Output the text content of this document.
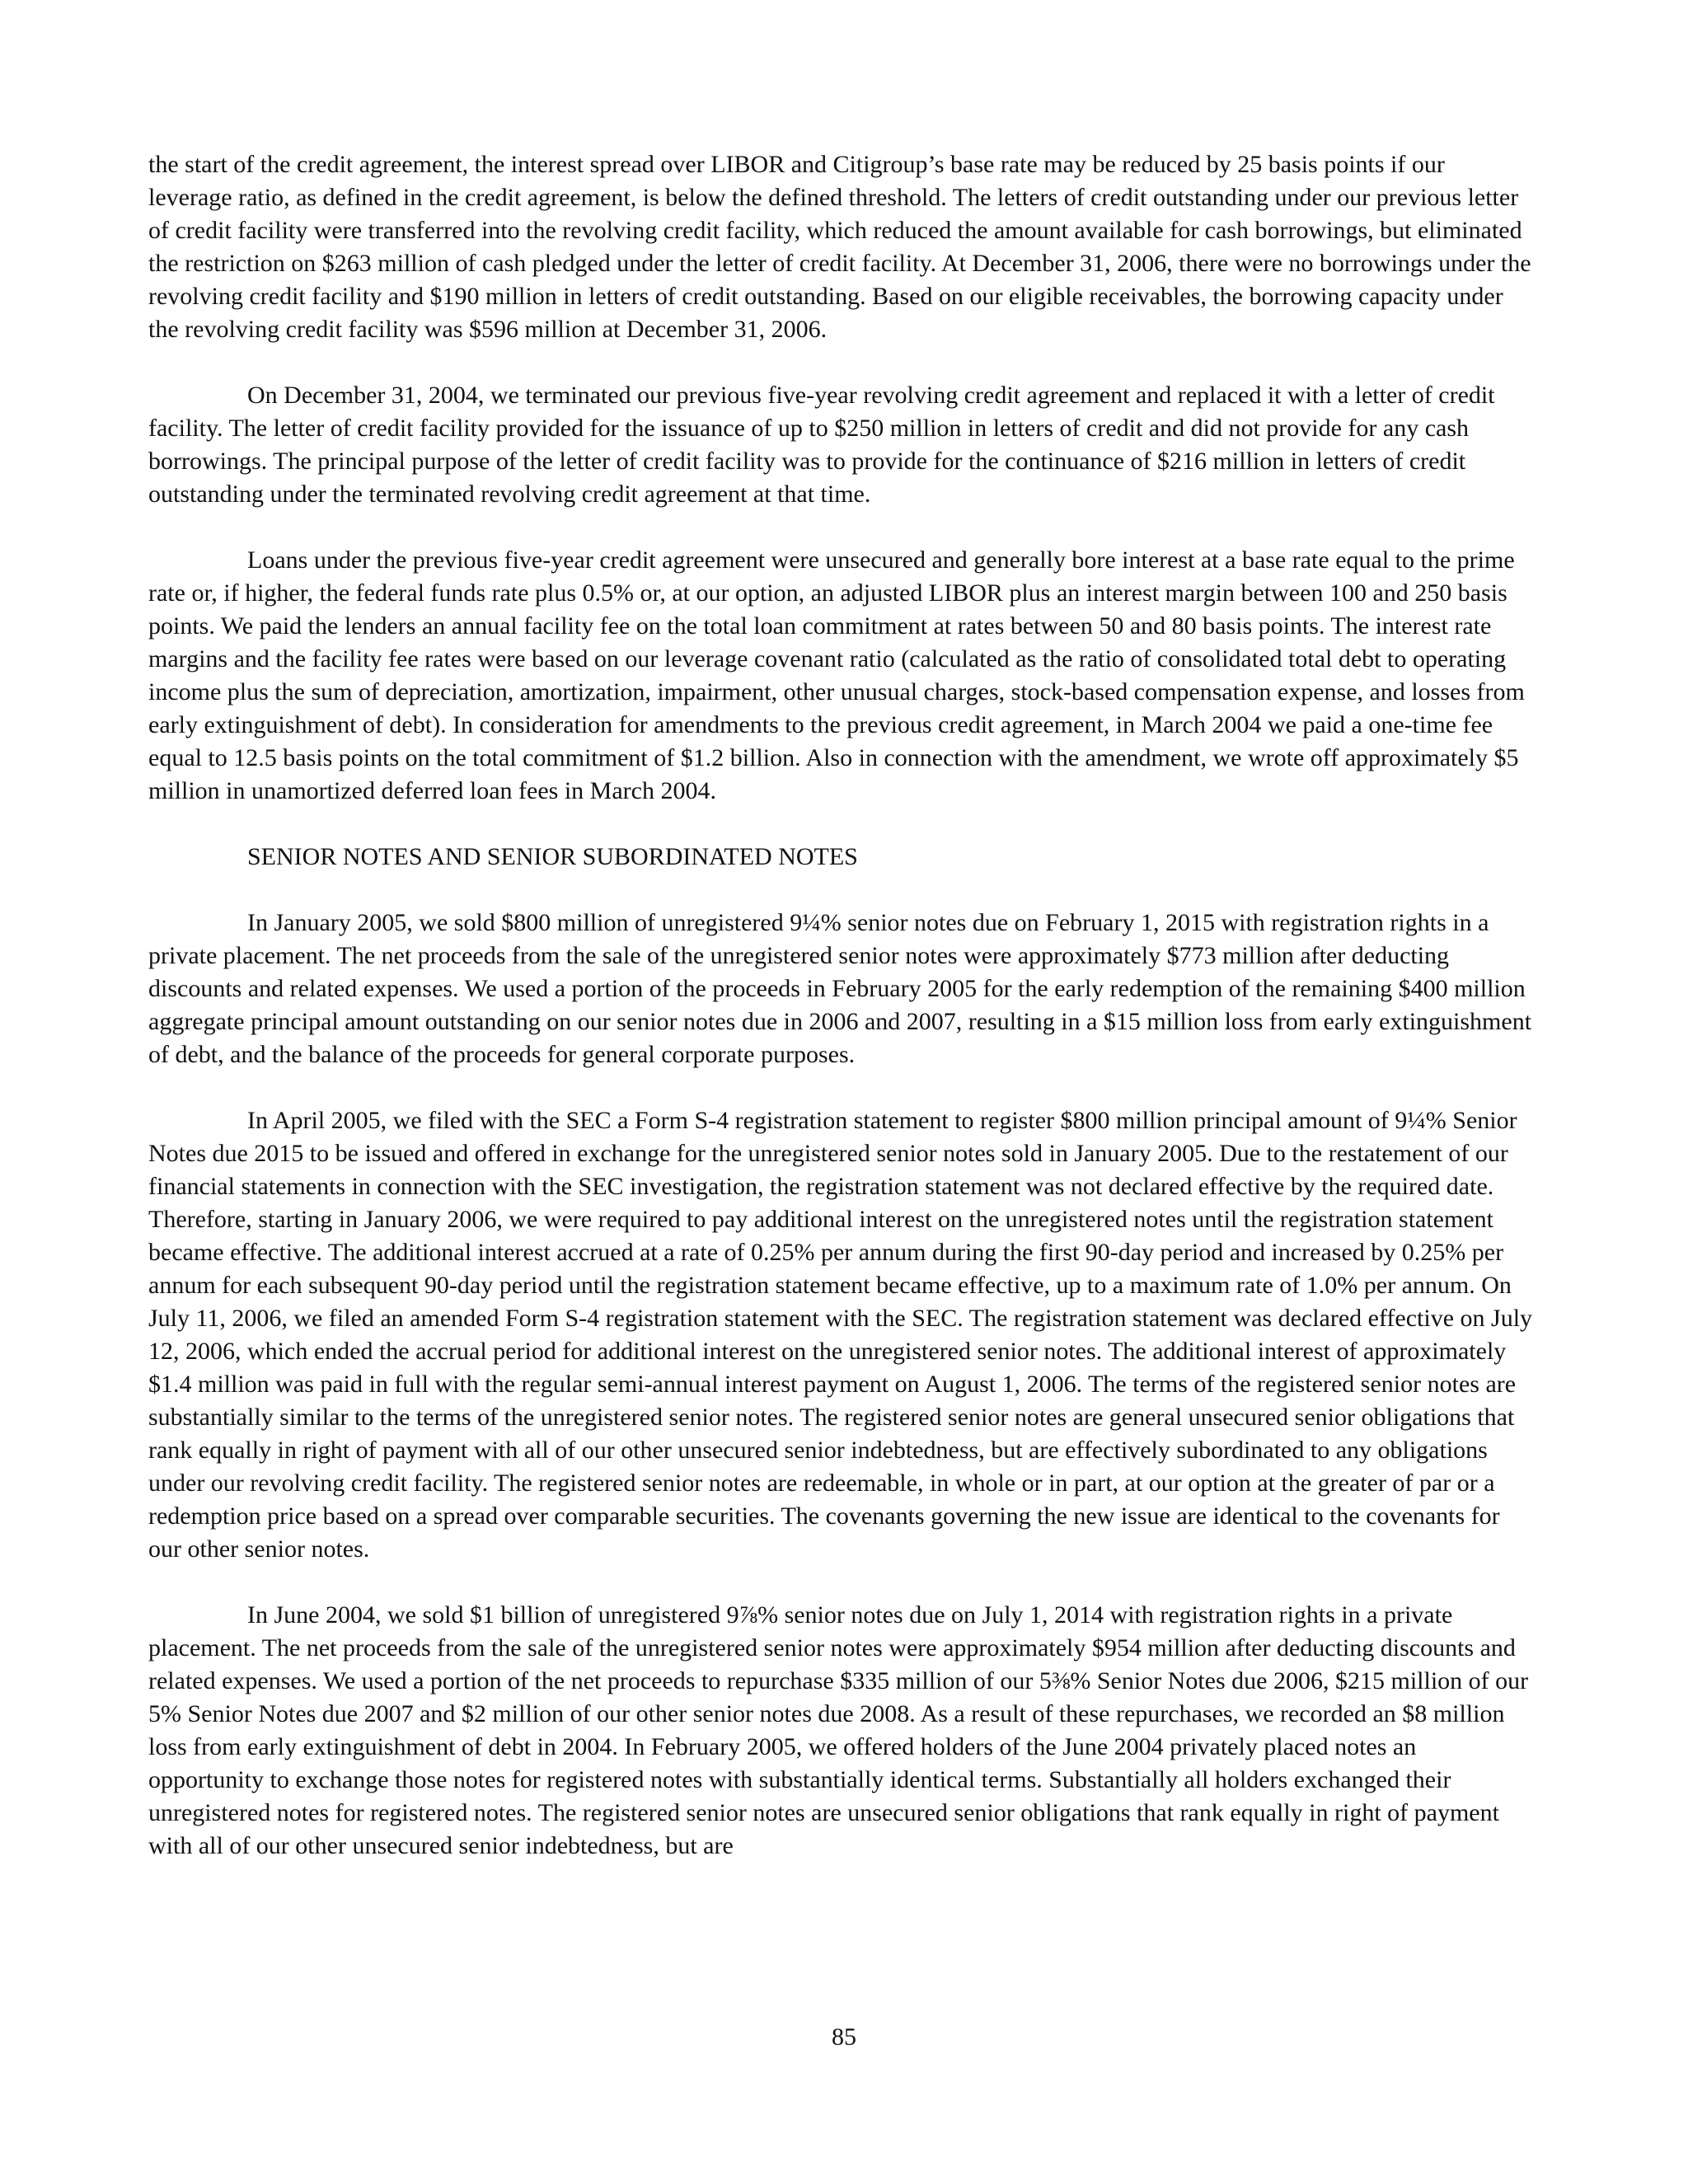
the start of the credit agreement, the interest spread over LIBOR and Citigroup’s base rate may be reduced by 25 basis points if our leverage ratio, as defined in the credit agreement, is below the defined threshold. The letters of credit outstanding under our previous letter of credit facility were transferred into the revolving credit facility, which reduced the amount available for cash borrowings, but eliminated the restriction on $263 million of cash pledged under the letter of credit facility. At December 31, 2006, there were no borrowings under the revolving credit facility and $190 million in letters of credit outstanding. Based on our eligible receivables, the borrowing capacity under the revolving credit facility was $596 million at December 31, 2006.

On December 31, 2004, we terminated our previous five-year revolving credit agreement and replaced it with a letter of credit facility. The letter of credit facility provided for the issuance of up to $250 million in letters of credit and did not provide for any cash borrowings. The principal purpose of the letter of credit facility was to provide for the continuance of $216 million in letters of credit outstanding under the terminated revolving credit agreement at that time.

Loans under the previous five-year credit agreement were unsecured and generally bore interest at a base rate equal to the prime rate or, if higher, the federal funds rate plus 0.5% or, at our option, an adjusted LIBOR plus an interest margin between 100 and 250 basis points. We paid the lenders an annual facility fee on the total loan commitment at rates between 50 and 80 basis points. The interest rate margins and the facility fee rates were based on our leverage covenant ratio (calculated as the ratio of consolidated total debt to operating income plus the sum of depreciation, amortization, impairment, other unusual charges, stock-based compensation expense, and losses from early extinguishment of debt). In consideration for amendments to the previous credit agreement, in March 2004 we paid a one-time fee equal to 12.5 basis points on the total commitment of $1.2 billion. Also in connection with the amendment, we wrote off approximately $5 million in unamortized deferred loan fees in March 2004.

SENIOR NOTES AND SENIOR SUBORDINATED NOTES

In January 2005, we sold $800 million of unregistered 9¼% senior notes due on February 1, 2015 with registration rights in a private placement. The net proceeds from the sale of the unregistered senior notes were approximately $773 million after deducting discounts and related expenses. We used a portion of the proceeds in February 2005 for the early redemption of the remaining $400 million aggregate principal amount outstanding on our senior notes due in 2006 and 2007, resulting in a $15 million loss from early extinguishment of debt, and the balance of the proceeds for general corporate purposes.

In April 2005, we filed with the SEC a Form S-4 registration statement to register $800 million principal amount of 9¼% Senior Notes due 2015 to be issued and offered in exchange for the unregistered senior notes sold in January 2005. Due to the restatement of our financial statements in connection with the SEC investigation, the registration statement was not declared effective by the required date. Therefore, starting in January 2006, we were required to pay additional interest on the unregistered notes until the registration statement became effective. The additional interest accrued at a rate of 0.25% per annum during the first 90-day period and increased by 0.25% per annum for each subsequent 90-day period until the registration statement became effective, up to a maximum rate of 1.0% per annum. On July 11, 2006, we filed an amended Form S-4 registration statement with the SEC. The registration statement was declared effective on July 12, 2006, which ended the accrual period for additional interest on the unregistered senior notes. The additional interest of approximately $1.4 million was paid in full with the regular semi-annual interest payment on August 1, 2006. The terms of the registered senior notes are substantially similar to the terms of the unregistered senior notes. The registered senior notes are general unsecured senior obligations that rank equally in right of payment with all of our other unsecured senior indebtedness, but are effectively subordinated to any obligations under our revolving credit facility. The registered senior notes are redeemable, in whole or in part, at our option at the greater of par or a redemption price based on a spread over comparable securities. The covenants governing the new issue are identical to the covenants for our other senior notes.

In June 2004, we sold $1 billion of unregistered 9⅞% senior notes due on July 1, 2014 with registration rights in a private placement. The net proceeds from the sale of the unregistered senior notes were approximately $954 million after deducting discounts and related expenses. We used a portion of the net proceeds to repurchase $335 million of our 5⅜% Senior Notes due 2006, $215 million of our 5% Senior Notes due 2007 and $2 million of our other senior notes due 2008. As a result of these repurchases, we recorded an $8 million loss from early extinguishment of debt in 2004. In February 2005, we offered holders of the June 2004 privately placed notes an opportunity to exchange those notes for registered notes with substantially identical terms. Substantially all holders exchanged their unregistered notes for registered notes. The registered senior notes are unsecured senior obligations that rank equally in right of payment with all of our other unsecured senior indebtedness, but are

85
